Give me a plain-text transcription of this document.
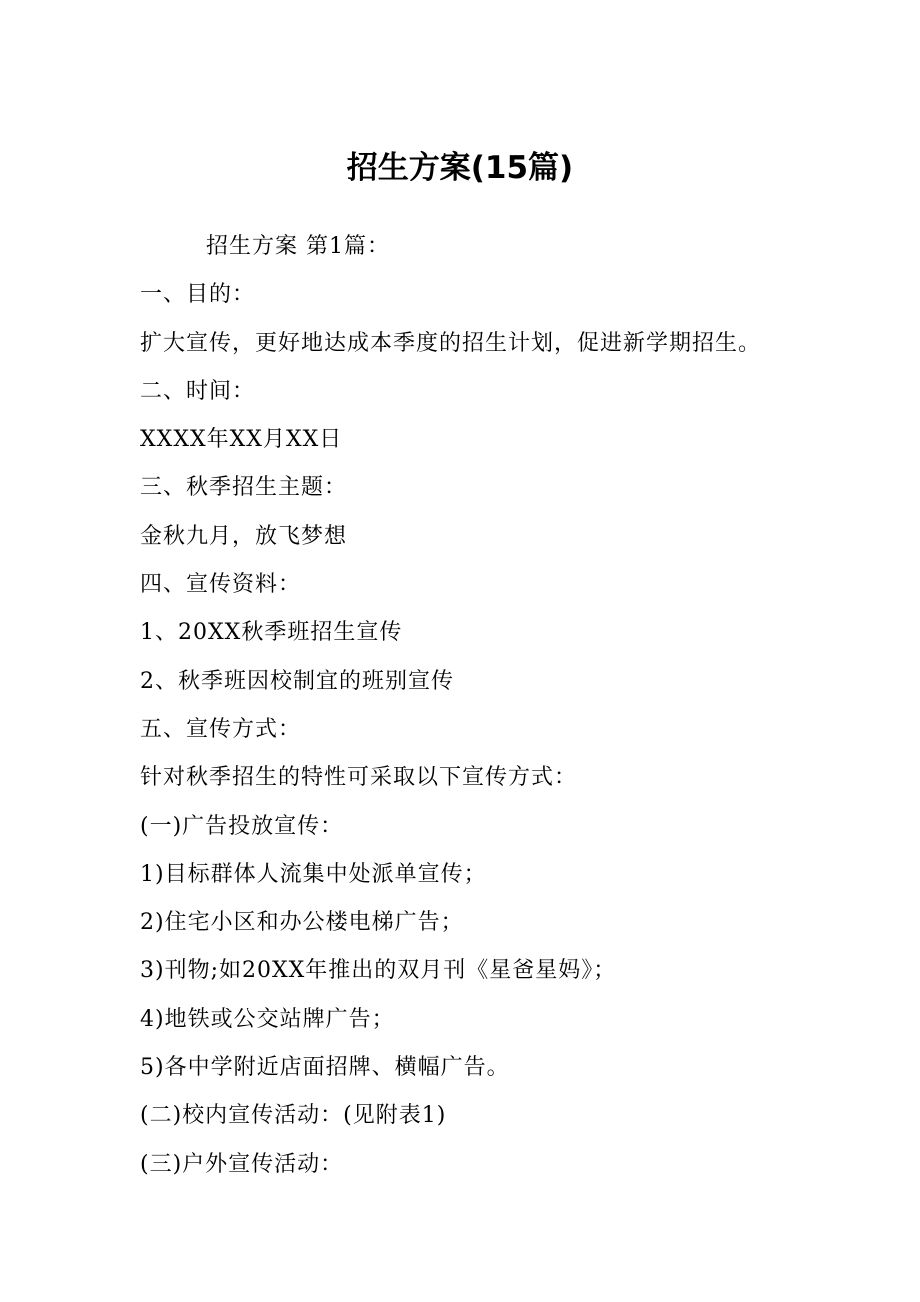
招生方案(15篇)
招生方案 第1篇：
一、目的：
扩大宣传，更好地达成本季度的招生计划，促进新学期招生。
二、时间：
XXXX年XX月XX日
三、秋季招生主题：
金秋九月，放飞梦想
四、宣传资料：
1、20XX秋季班招生宣传
2、秋季班因校制宜的班别宣传
五、宣传方式：
针对秋季招生的特性可采取以下宣传方式：
(一)广告投放宣传：
1)目标群体人流集中处派单宣传；
2)住宅小区和办公楼电梯广告；
3)刊物;如20XX年推出的双月刊《星爸星妈》；
4)地铁或公交站牌广告；
5)各中学附近店面招牌、横幅广告。
(二)校内宣传活动：(见附表1)
(三)户外宣传活动：
